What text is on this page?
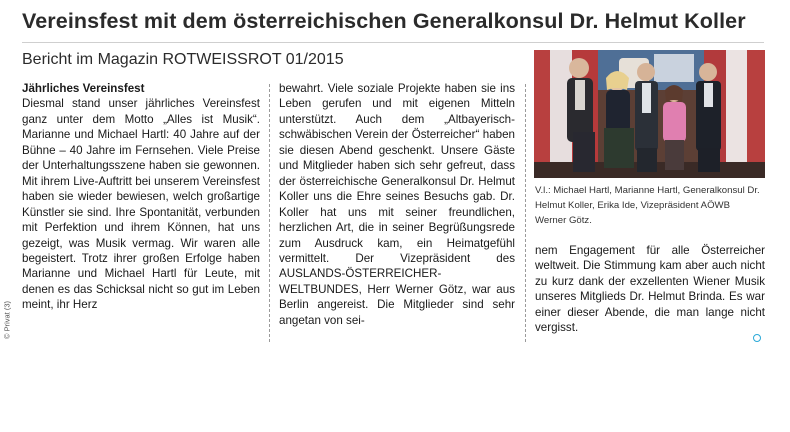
Vereinsfest mit dem österreichischen Generalkonsul Dr. Helmut Koller
Bericht im Magazin ROTWEISSROT 01/2015
© Privat (3)

Jährliches Vereinsfest

Diesmal stand unser jährliches Vereinsfest ganz unter dem Motto „Alles ist Musik“. Marianne und Michael Hartl: 40 Jahre auf der Bühne – 40 Jahre im Fernsehen. Viele Preise der Unterhaltungsszene haben sie gewonnen. Mit ihrem Live-Auftritt bei unserem Vereinsfest haben sie wieder bewiesen, welch großartige Künstler sie sind. Ihre Spontanität, verbunden mit Perfektion und ihrem Können, hat uns gezeigt, was Musik vermag. Wir waren alle begeistert. Trotz ihrer großen Erfolge haben Marianne und Michael Hartl für Leute, mit denen es das Schicksal nicht so gut im Leben meint, ihr Herz

bewahrt. Viele soziale Projekte haben sie ins Leben gerufen und mit eigenen Mitteln unterstützt. Auch dem „Altbayerisch-schwäbischen Verein der Österreicher“ haben sie diesen Abend geschenkt. Unsere Gäste und Mitglieder haben sich sehr gefreut, dass der österreichische Generalkonsul Dr. Helmut Koller uns die Ehre seines Besuchs gab. Dr. Koller hat uns mit seiner freundlichen, herzlichen Art, die in seiner Begrüßungsrede zum Ausdruck kam, ein Heimatgefühl vermittelt. Der Vizepräsident des AUSLANDS-ÖSTERREICHER-WELTBUNDES, Herr Werner Götz, war aus Berlin angereist. Die Mitglieder sind sehr angetan von sei-

V.l.: Michael Hartl, Marianne Hartl, Generalkonsul Dr. Helmut Koller, Erika Ide, Vizepräsident AÖWB Werner Götz.

nem Engagement für alle Österreicher weltweit. Die Stimmung kam aber auch nicht zu kurz dank der exzellenten Wiener Musik unseres Mitglieds Dr. Helmut Brinda. Es war einer dieser Abende, die man lange nicht vergisst.
